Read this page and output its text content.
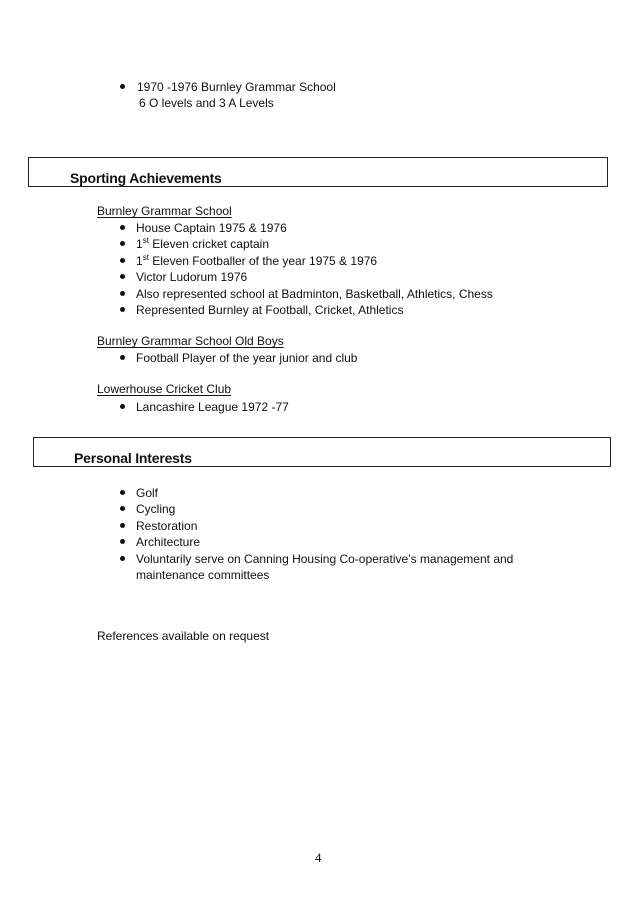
1970 -1976 Burnley Grammar School
6 O levels and 3 A Levels
Sporting Achievements
Burnley Grammar School
House Captain 1975 & 1976
1st Eleven cricket captain
1st Eleven Footballer of the year 1975 & 1976
Victor Ludorum 1976
Also represented school at Badminton, Basketball, Athletics, Chess
Represented Burnley at Football, Cricket, Athletics
Burnley Grammar School Old Boys
Football Player of the year junior and club
Lowerhouse Cricket Club
Lancashire League 1972 -77
Personal Interests
Golf
Cycling
Restoration
Architecture
Voluntarily serve on Canning Housing Co-operative’s management and
maintenance committees
References available on request
4
